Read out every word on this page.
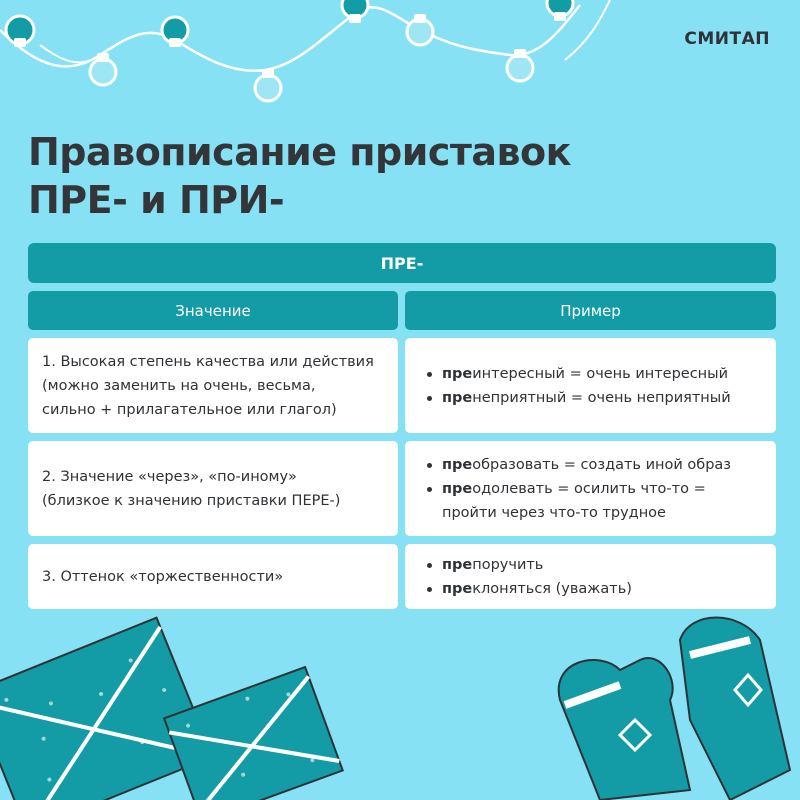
СМИТАП
Правописание приставок
ПРЕ- и ПРИ-
ПРЕ-
Значение	Пример
1. Высокая степень качества или действия
(можно заменить на очень, весьма,
сильно + прилагательное или глагол)
преинтересный = очень интересный
пренеприятный = очень неприятный
2. Значение «через», «по-иному»
(близкое к значению приставки ПЕРЕ-)
преобразовать = создать иной образ
преодолевать = осилить что-то =
пройти через что-то трудное
3. Оттенок «торжественности»
препоручить
преклоняться (уважать)
